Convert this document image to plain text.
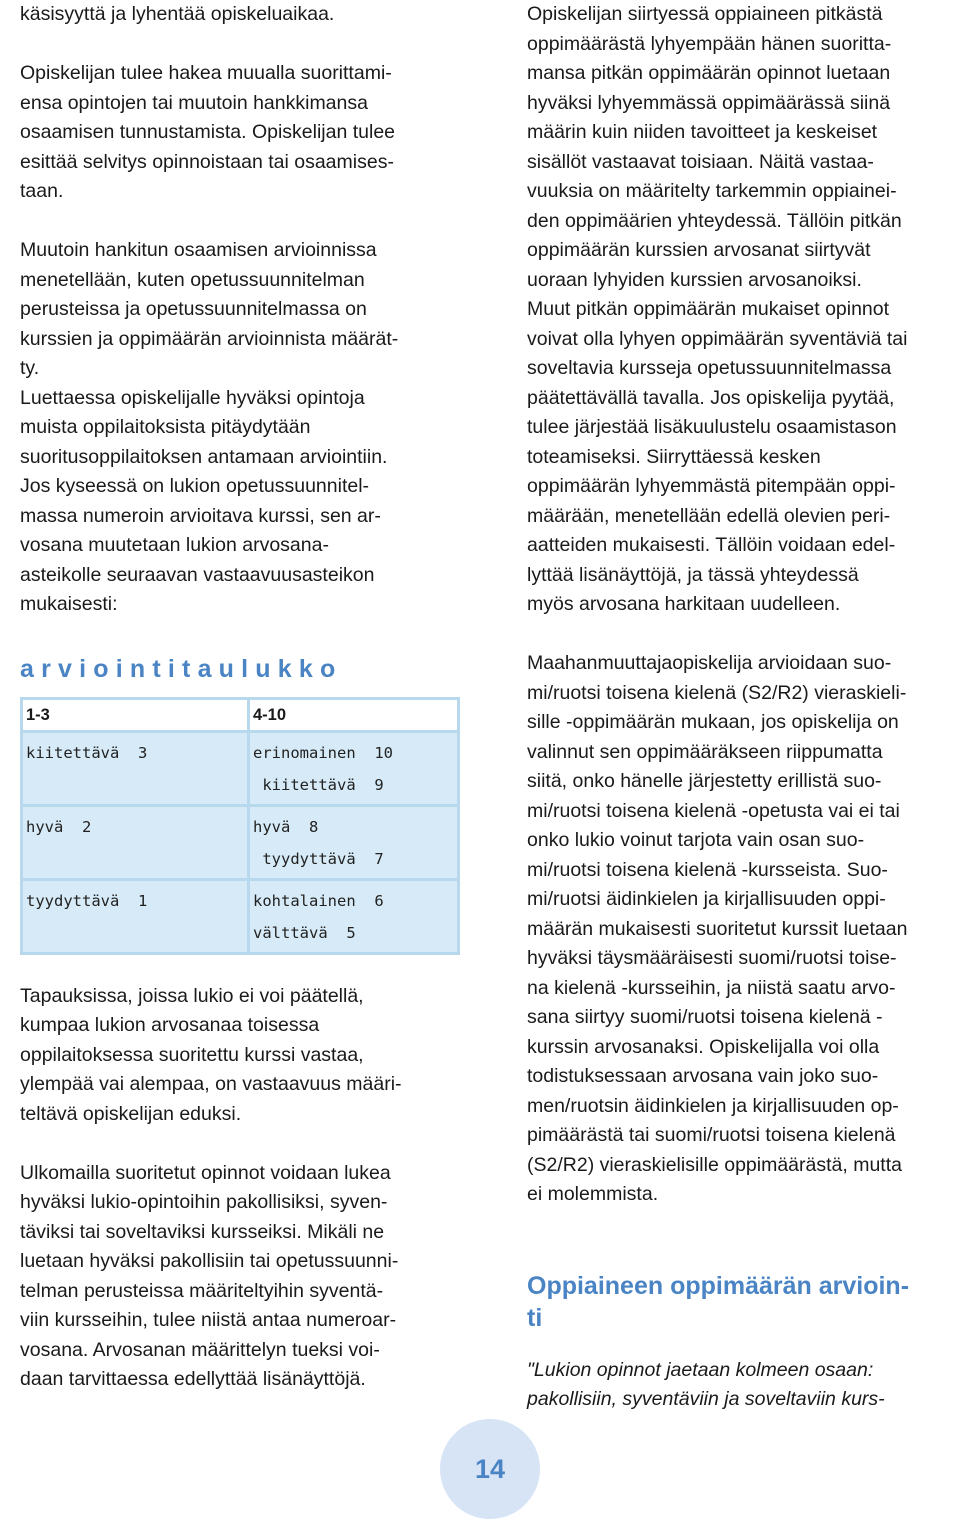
käsisyyttä ja lyhentää opiskeluaikaa.
Opiskelijan tulee hakea muualla suorittami-
ensa opintojen tai muutoin hankkimansa
osaamisen tunnustamista. Opiskelijan tulee
esittää selvitys opinnoistaan tai osaamises-
taan.
Muutoin hankitun osaamisen arvioinnissa
menetellään, kuten opetussuunnitelman
perusteissa ja opetussuunnitelmassa on
kurssien ja oppimäärän arvioinnista määrät-
ty.
Luettaessa opiskelijalle hyväksi opintoja
muista oppilaitoksista pitäydytään
suoritusoppilaitoksen antamaan arviointiin.
Jos kyseessä on lukion opetussuunnitel-
massa numeroin arvioitava kurssi, sen ar-
vosana muutetaan lukion arvosana-
asteikolle seuraavan vastaavuusasteikon
mukaisesti:
arviointitaulukko
1-3	4-10

kiitettävä  3	erinomainen  10
kiitettävä  9

hyvä  2	hyvä  8
tyydyttävä  7

tyydyttävä  1	kohtalainen  6
välttävä  5
Tapauksissa, joissa lukio ei voi päätellä,
kumpaa lukion arvosanaa toisessa
oppilaitoksessa suoritettu kurssi vastaa,
ylempää vai alempaa, on vastaavuus määri-
teltävä opiskelijan eduksi.
Ulkomailla suoritetut opinnot voidaan lukea
hyväksi lukio-opintoihin pakollisiksi, syven-
täviksi tai soveltaviksi kursseiksi. Mikäli ne
luetaan hyväksi pakollisiin tai opetussuunni-
telman perusteissa määriteltyihin syventä-
viin kursseihin, tulee niistä antaa numeroar-
vosana. Arvosanan määrittelyn tueksi voi-
daan tarvittaessa edellyttää lisänäyttöjä.
Opiskelijan siirtyessä oppiaineen pitkästä
oppimäärästä lyhyempään hänen suoritta-
mansa pitkän oppimäärän opinnot luetaan
hyväksi lyhyemmässä oppimäärässä siinä
määrin kuin niiden tavoitteet ja keskeiset
sisällöt vastaavat toisiaan. Näitä vastaa-
vuuksia on määritelty tarkemmin oppiainei-
den oppimäärien yhteydessä. Tällöin pitkän
oppimäärän kurssien arvosanat siirtyvät
uoraan lyhyiden kurssien arvosanoiksi.
Muut pitkän oppimäärän mukaiset opinnot
voivat olla lyhyen oppimäärän syventäviä tai
soveltavia kursseja opetussuunnitelmassa
päätettävällä tavalla. Jos opiskelija pyytää,
tulee järjestää lisäkuulustelu osaamistason
toteamiseksi. Siirryttäessä kesken
oppimäärän lyhyemmästä pitempään oppi-
määrään, menetellään edellä olevien peri-
aatteiden mukaisesti. Tällöin voidaan edel-
lyttää lisänäyttöjä, ja tässä yhteydessä
myös arvosana harkitaan uudelleen.
Maahanmuuttajaopiskelija arvioidaan suo-
mi/ruotsi toisena kielenä (S2/R2) vieraskieli-
sille -oppimäärän mukaan, jos opiskelija on
valinnut sen oppimääräkseen riippumatta
siitä, onko hänelle järjestetty erillistä suo-
mi/ruotsi toisena kielenä -opetusta vai ei tai
onko lukio voinut tarjota vain osan suo-
mi/ruotsi toisena kielenä -kursseista. Suo-
mi/ruotsi äidinkielen ja kirjallisuuden oppi-
määrän mukaisesti suoritetut kurssit luetaan
hyväksi täysmääräisesti suomi/ruotsi toise-
na kielenä -kursseihin, ja niistä saatu arvo-
sana siirtyy suomi/ruotsi toisena kielenä -
kurssin arvosanaksi. Opiskelijalla voi olla
todistuksessaan arvosana vain joko suo-
men/ruotsin äidinkielen ja kirjallisuuden op-
pimäärästä tai suomi/ruotsi toisena kielenä
(S2/R2) vieraskielisille oppimäärästä, mutta
ei molemmista.
Oppiaineen oppimäärän arvioin-
ti
"Lukion opinnot jaetaan kolmeen osaan:
pakollisiin, syventäviin ja soveltaviin kurs-
14
